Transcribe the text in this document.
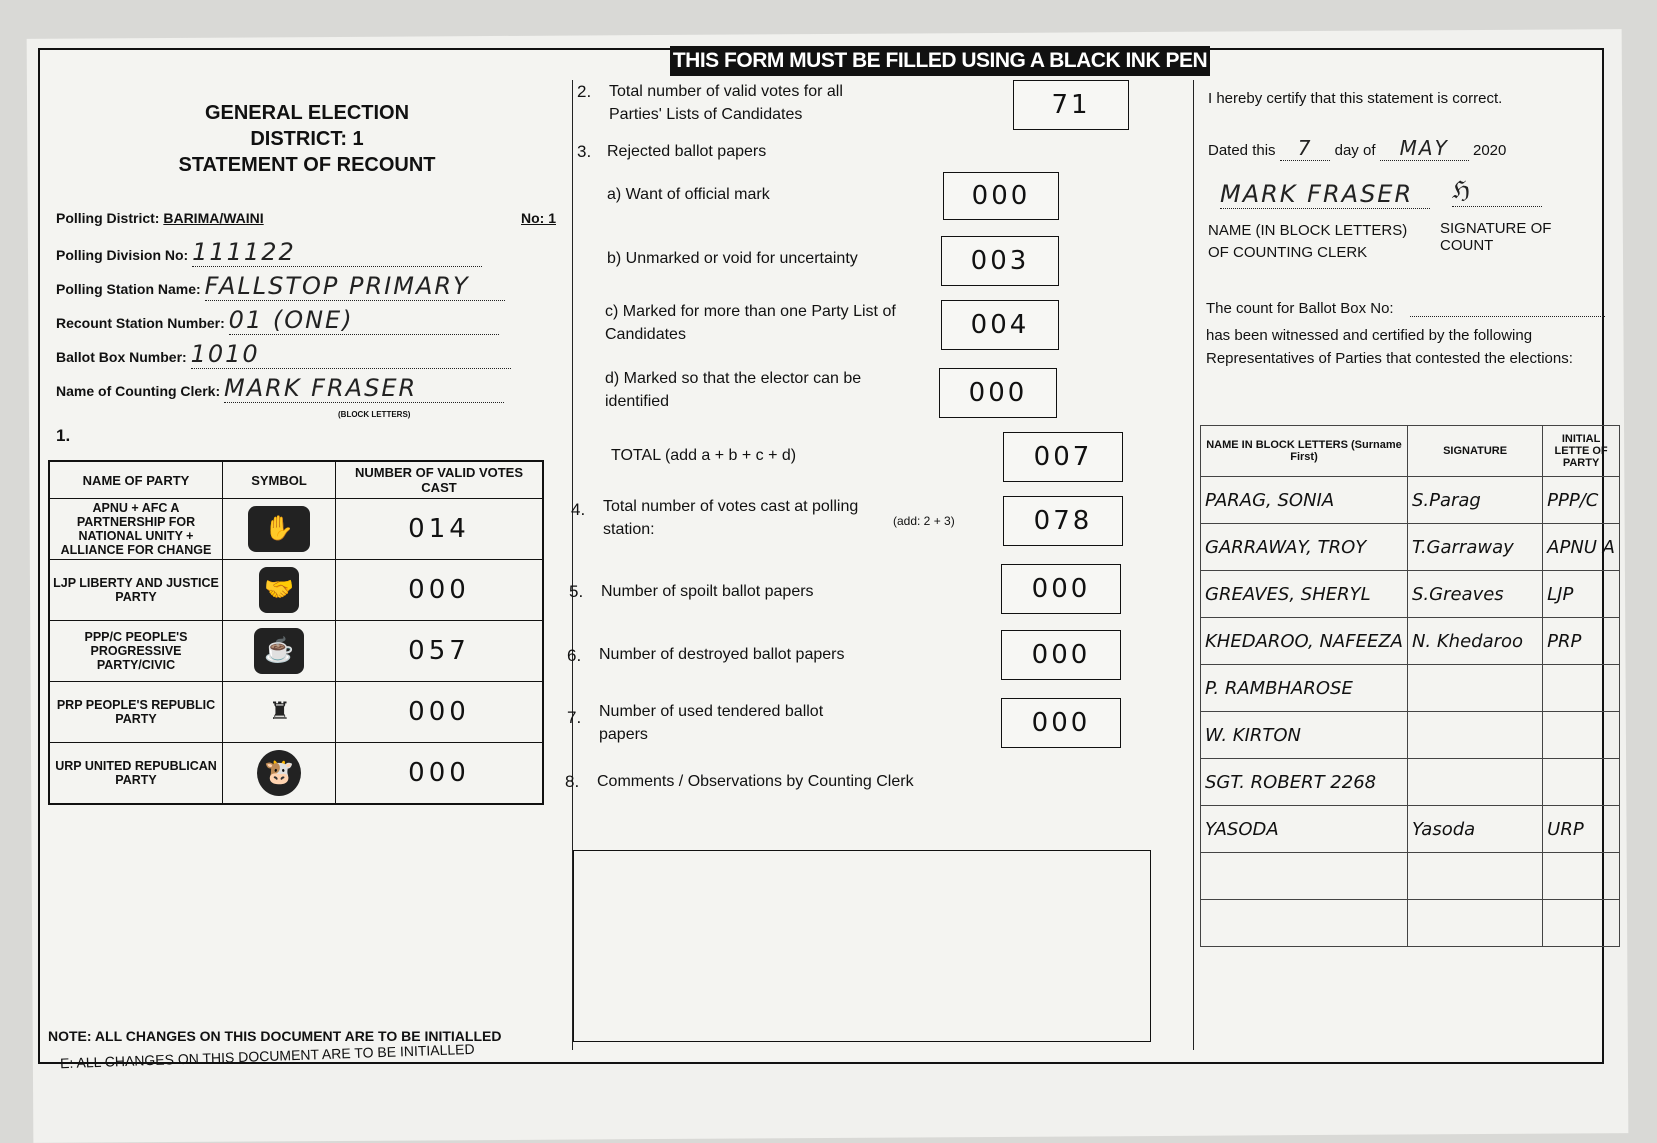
THIS FORM MUST BE FILLED USING A BLACK INK PEN
GENERAL ELECTION
DISTRICT: 1
STATEMENT OF RECOUNT
Polling District: BARIMA/WAINI	No: 1
Polling Division No: 111122
Polling Station Name: FALLSTOP PRIMARY
Recount Station Number: 01 (ONE)
Ballot Box Number: 1010
Name of Counting Clerk: MARK FRASER
(BLOCK LETTERS)
1.
NAME OF PARTY	SYMBOL	NUMBER OF VALID VOTES CAST
APNU + AFC A PARTNERSHIP FOR NATIONAL UNITY + ALLIANCE FOR CHANGE	✋	014
LJP LIBERTY AND JUSTICE PARTY	🤝	000
PPP/C PEOPLE'S PROGRESSIVE PARTY/CIVIC	☕	057
PRP PEOPLE'S REPUBLIC PARTY	♜	000
URP UNITED REPUBLICAN PARTY	🐮	000
NOTE: ALL CHANGES ON THIS DOCUMENT ARE TO BE INITIALLED
2. Total number of valid votes for all Parties' Lists of Candidates	71
3. Rejected ballot papers
a) Want of official mark	000
b) Unmarked or void for uncertainty	003
c) Marked for more than one Party List of Candidates	004
d) Marked so that the elector can be identified	000
TOTAL (add a + b + c + d)	007
4. Total number of votes cast at polling station:	(add: 2 + 3)	078
5. Number of spoilt ballot papers	000
6. Number of destroyed ballot papers	000
7. Number of used tendered ballot papers	000
8. Comments / Observations by Counting Clerk
I hereby certify that this statement is correct.
Dated this 7 day of MAY 2020
MARK FRASER
NAME (IN BLOCK LETTERS) OF COUNTING CLERK
ℌ
SIGNATURE OF COUNT
The count for Ballot Box No:
has been witnessed and certified by the following Representatives of Parties that contested the elections:
NAME IN BLOCK LETTERS (Surname First)	SIGNATURE	INITIAL LETTE OF PARTY
PARAG, SONIA	S.Parag	PPP/C
GARRAWAY, TROY	T.Garraway	APNU A
GREAVES, SHERYL	S.Greaves	LJP
KHEDAROO, NAFEEZA	N. Khedaroo	PRP
P. RAMBHAROSE		
W. KIRTON		
SGT. ROBERT 2268		
YASODA	Yasoda	URP

E: ALL CHANGES ON THIS DOCUMENT ARE TO BE INITIALLED
